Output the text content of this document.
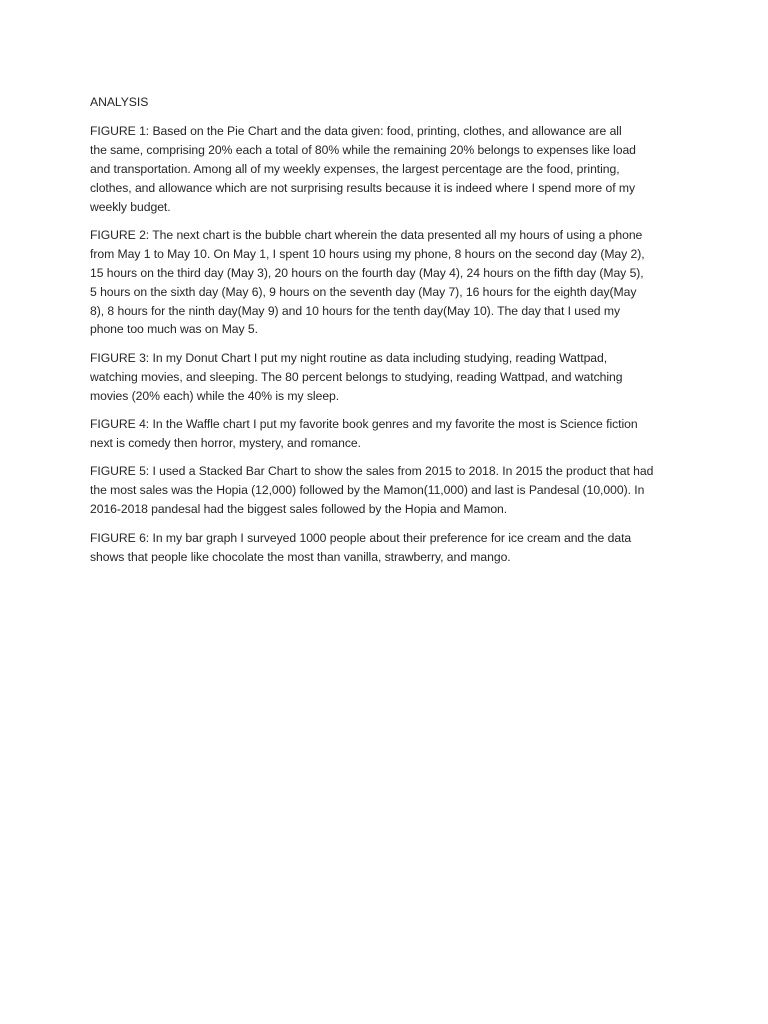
ANALYSIS
FIGURE 1: Based on the Pie Chart and the data given: food, printing, clothes, and allowance are all
the same, comprising 20% each a total of 80% while the remaining 20% belongs to expenses like load
and transportation. Among all of my weekly expenses, the largest percentage are the food, printing,
clothes, and allowance which are not surprising results because it is indeed where I spend more of my
weekly budget.
FIGURE 2: The next chart is the bubble chart wherein the data presented all my hours of using a phone
from May 1 to May 10. On May 1, I spent 10 hours using my phone, 8 hours on the second day (May 2),
15 hours on the third day (May 3), 20 hours on the fourth day (May 4), 24 hours on the fifth day (May 5),
5 hours on the sixth day (May 6), 9 hours on the seventh day (May 7), 16 hours for the eighth day(May
8), 8 hours for the ninth day(May 9) and 10 hours for the tenth day(May 10). The day that I used my
phone too much was on May 5.
FIGURE 3: In my Donut Chart I put my night routine as data including studying, reading Wattpad,
watching movies, and sleeping. The 80 percent belongs to studying, reading Wattpad, and watching
movies (20% each) while the 40% is my sleep.
FIGURE 4: In the Waffle chart I put my favorite book genres and my favorite the most is Science fiction
next is comedy then horror, mystery, and romance.
FIGURE 5: I used a Stacked Bar Chart to show the sales from 2015 to 2018. In 2015 the product that had
the most sales was the Hopia (12,000) followed by the Mamon(11,000) and last is Pandesal (10,000). In
2016-2018 pandesal had the biggest sales followed by the Hopia and Mamon.
FIGURE 6: In my bar graph I surveyed 1000 people about their preference for ice cream and the data
shows that people like chocolate the most than vanilla, strawberry, and mango.
